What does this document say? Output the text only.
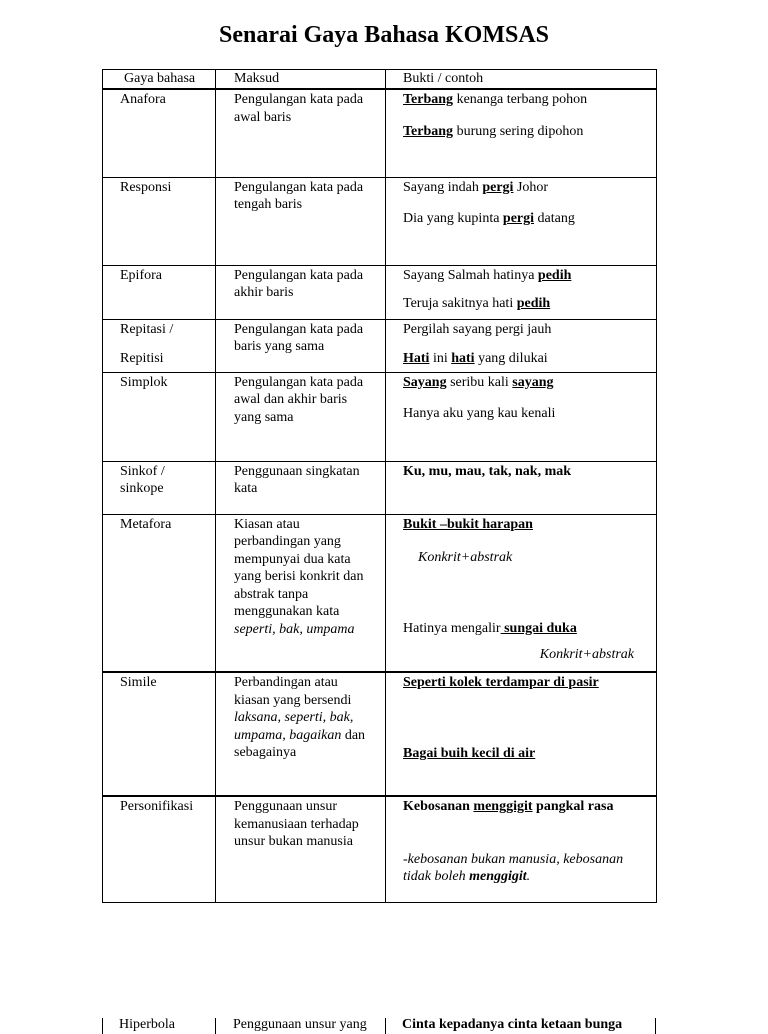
Senarai Gaya Bahasa KOMSAS
Gaya bahasa	Maksud	Bukti / contoh
Anafora	Pengulangan kata pada awal baris	Terbang kenanga terbang pohon
Terbang burung sering dipohon
Responsi	Pengulangan kata pada tengah baris	Sayang indah pergi Johor
Dia yang kupinta pergi datang
Epifora	Pengulangan kata pada akhir baris	Sayang Salmah hatinya pedih
Teruja sakitnya hati pedih
Repitasi /
Repitisi	Pengulangan kata pada baris yang sama	Pergilah sayang pergi jauh
Hati ini hati yang dilukai
Simplok	Pengulangan kata pada awal dan akhir baris yang sama	Sayang seribu kali sayang
Hanya aku yang kau kenali
Sinkof / sinkope	Penggunaan singkatan kata	Ku, mu, mau, tak, nak, mak
Metafora	Kiasan atau perbandingan yang mempunyai dua kata yang berisi konkrit dan abstrak tanpa menggunakan kata seperti, bak, umpama	Bukit –bukit harapan
Konkrit+abstrak
Hatinya mengalir sungai duka
Konkrit+abstrak

Simile	Perbandingan atau kiasan yang bersendi laksana, seperti, bak, umpama, bagaikan dan sebagainya	Seperti kolek terdampar di pasir
Bagai buih kecil di air
Personifikasi	Penggunaan unsur kemanusiaan terhadap unsur bukan manusia	Kebosanan menggigit pangkal rasa
-kebosanan bukan manusia, kebosanan tidak boleh menggigit.
Hiperbola	Penggunaan unsur yang	Cinta kepadanya cinta ketaan bunga
